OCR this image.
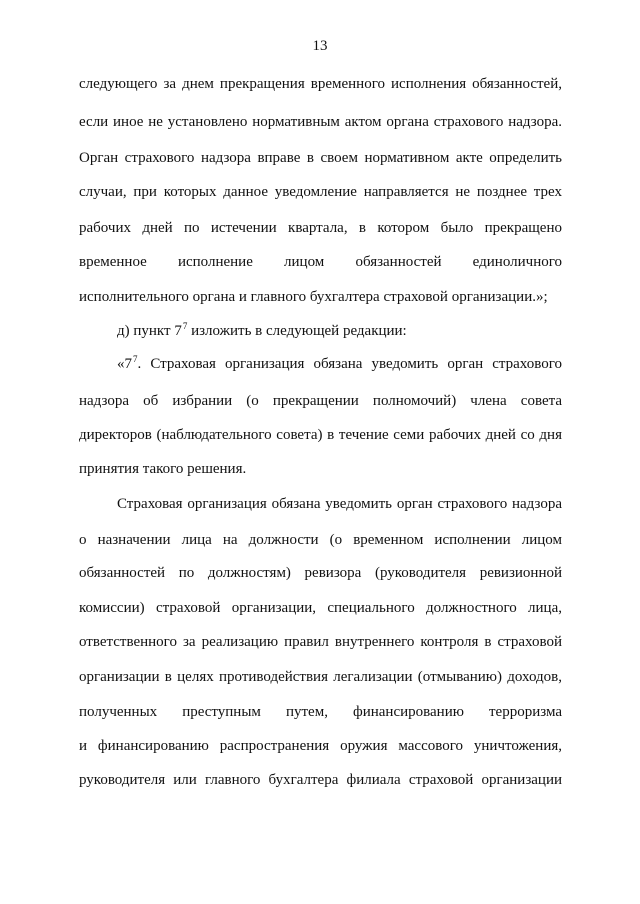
13
следующего за днем прекращения временного исполнения обязанностей,
если иное не установлено нормативным актом органа страхового надзора.
Орган страхового надзора вправе в своем нормативном акте определить
случаи, при которых данное уведомление направляется не позднее трех
рабочих дней по истечении квартала, в котором было прекращено
временное исполнение лицом обязанностей единоличного
исполнительного органа и главного бухгалтера страховой организации.»;
д) пункт $7^7$ изложить в следующей редакции:
«$7^7$. Страховая организация обязана уведомить орган страхового
надзора об избрании (о прекращении полномочий) члена совета
директоров (наблюдательного совета) в течение семи рабочих дней со дня
принятия такого решения.
Страховая организация обязана уведомить орган страхового надзора
о назначении лица на должности (о временном исполнении лицом
обязанностей по должностям) ревизора (руководителя ревизионной
комиссии) страховой организации, специального должностного лица,
ответственного за реализацию правил внутреннего контроля в страховой
организации в целях противодействия легализации (отмыванию) доходов,
полученных преступным путем, финансированию терроризма
и финансированию распространения оружия массового уничтожения,
руководителя или главного бухгалтера филиала страховой организации
